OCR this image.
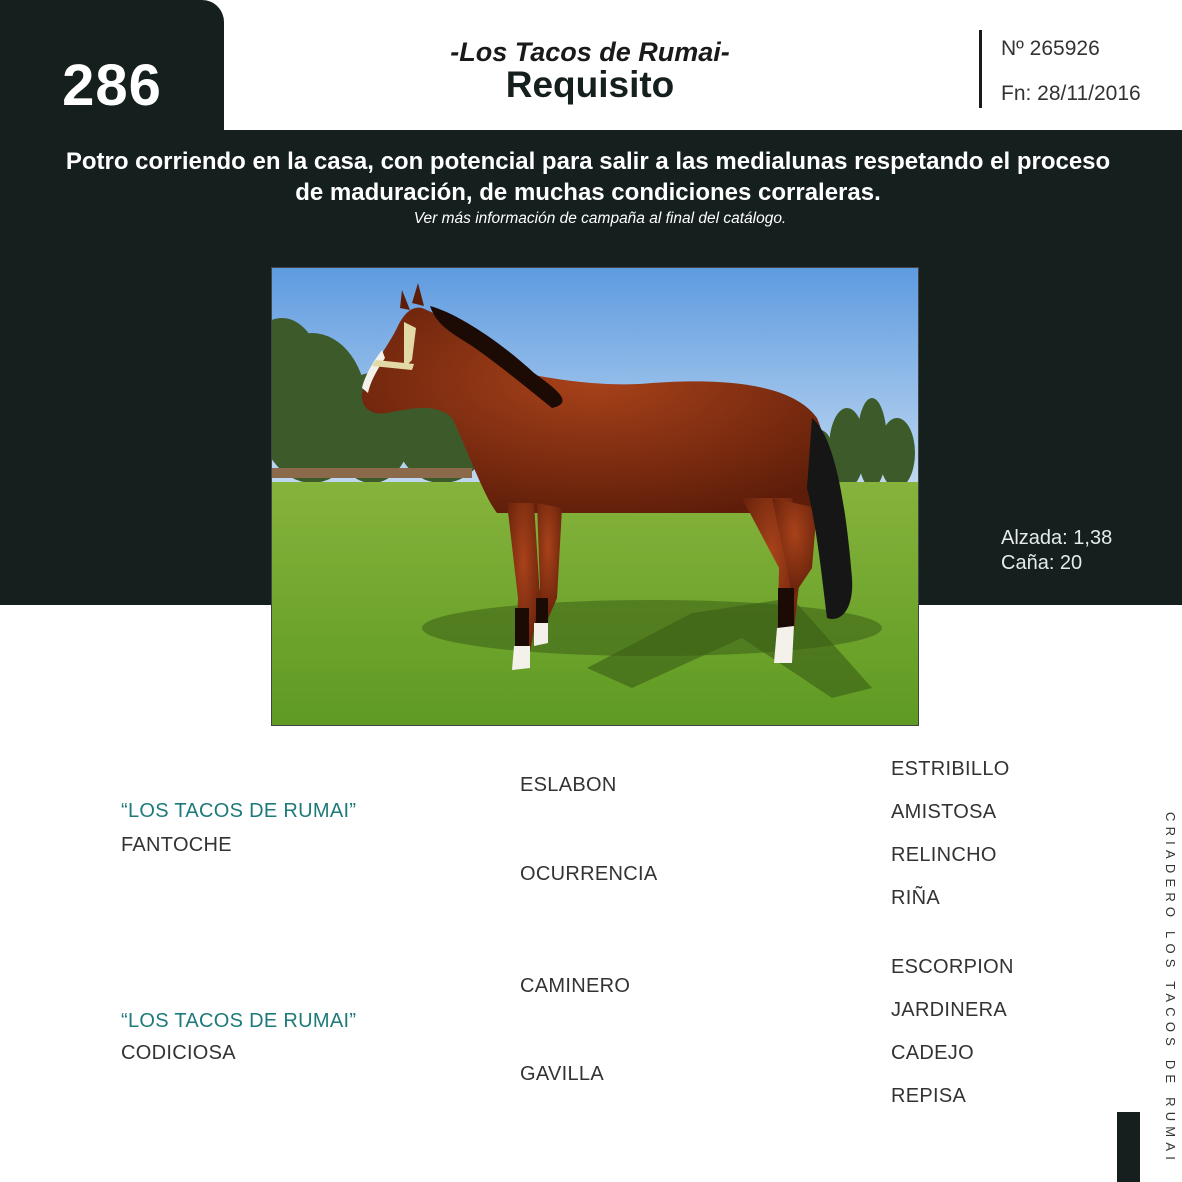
286
-Los Tacos de Rumai-
Requisito
Nº 265926
Fn: 28/11/2016
Potro corriendo en la casa, con potencial para salir a las medialunas respetando el proceso
de maduración, de muchas condiciones corraleras.
Ver más información de campaña al final del catálogo.
Alzada: 1,38
Caña: 20
“LOS TACOS DE RUMAI”
FANTOCHE
“LOS TACOS DE RUMAI”
CODICIOSA
ESLABON
OCURRENCIA
CAMINERO
GAVILLA
ESTRIBILLO
AMISTOSA
RELINCHO
RIÑA
ESCORPION
JARDINERA
CADEJO
REPISA	CRIADERO LOS TACOS DE RUMAI
